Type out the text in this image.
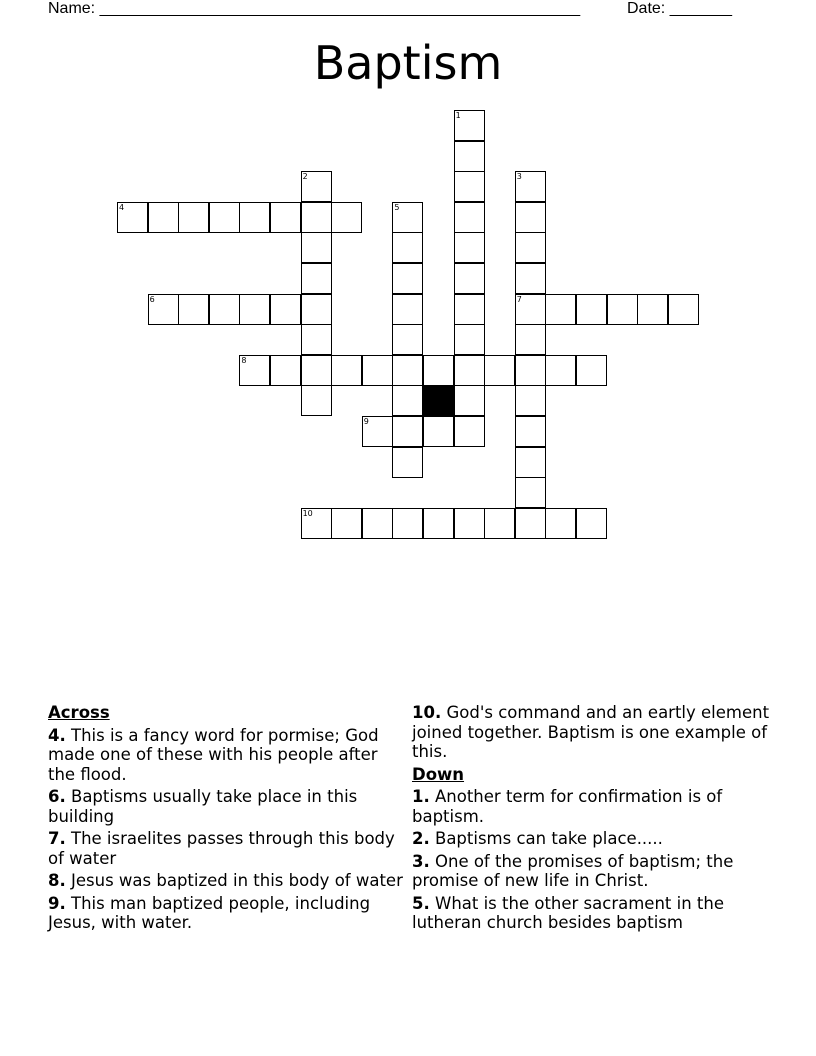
Name: ______________________________________________________	Date: _______
Baptism
1
2	3
7
5
4
6
8
9
10
Across
4. This is a fancy word for pormise; God made one of these with his people after the flood.
6. Baptisms usually take place in this building
7. The israelites passes through this body of water
8. Jesus was baptized in this body of water
9. This man baptized people, including Jesus, with water.
10. God's command and an eartly element joined together. Baptism is one example of this.
Down
1. Another term for confirmation is of baptism.
2. Baptisms can take place.....
3. One of the promises of baptism; the promise of new life in Christ.
5. What is the other sacrament in the lutheran church besides baptism
